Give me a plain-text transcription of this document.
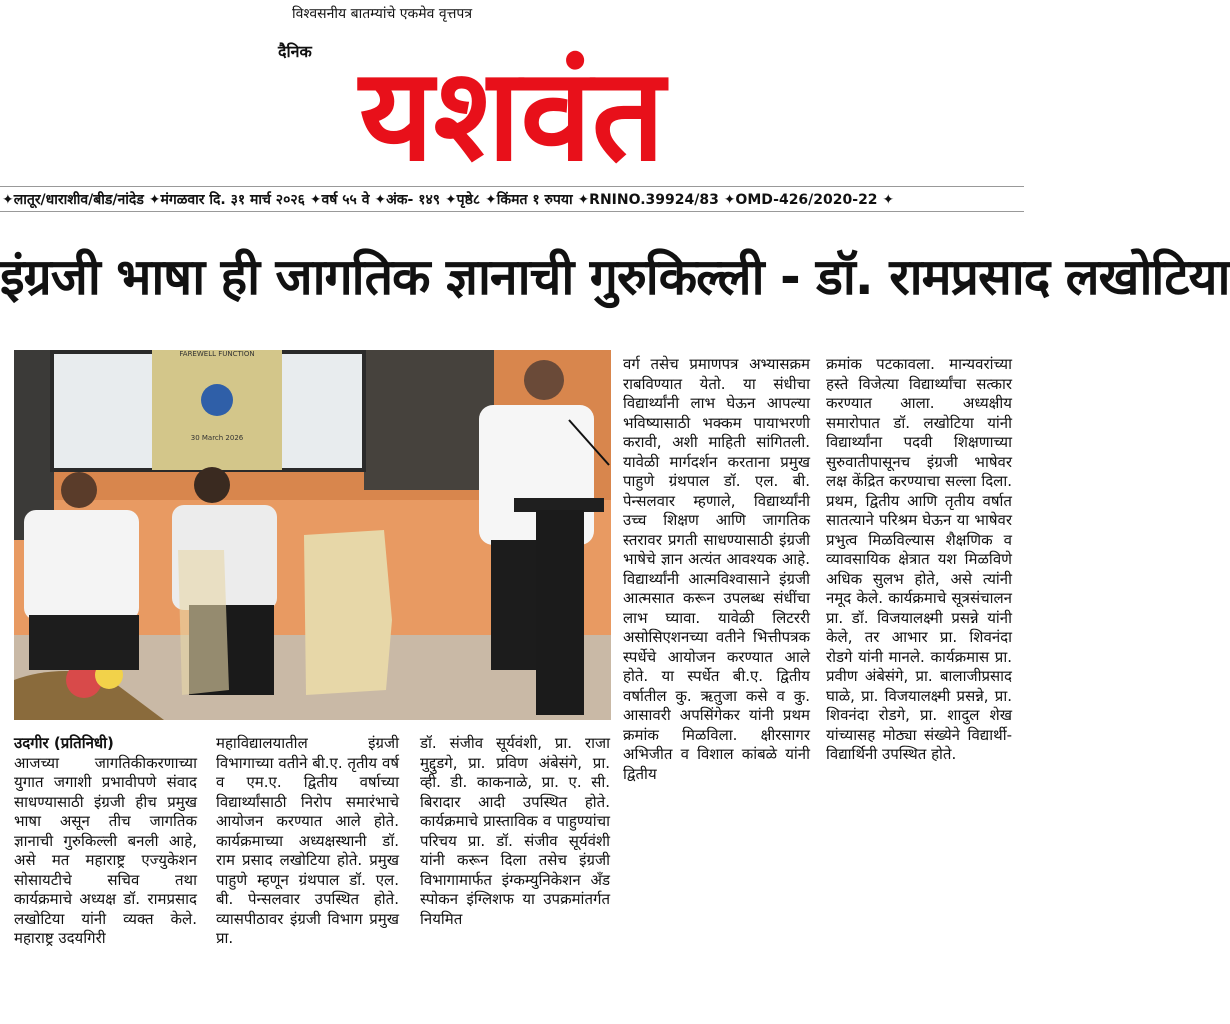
विश्वसनीय बातम्यांचे एकमेव वृत्तपत्र
दैनिक यशवंत
✦लातूर/धाराशीव/बीड/नांदेड ✦मंगळवार दि. ३१ मार्च २०२६ ✦वर्ष ५५ वे ✦अंक- १४९ ✦पृष्ठे८ ✦किंमत १ रुपया ✦RNINO.39924/83 ✦OMD-426/2020-22 ✦
इंग्रजी भाषा ही जागतिक ज्ञानाची गुरुकिल्ली - डॉ. रामप्रसाद लखोटिया
FAREWELL FUNCTION
30 March 2026

उदगीर (प्रतिनिधी)

आजच्या जागतिकीकरणाच्या युगात जगाशी प्रभावीपणे संवाद साधण्यासाठी इंग्रजी हीच प्रमुख भाषा असून तीच जागतिक ज्ञानाची गुरुकिल्ली बनली आहे, असे मत महाराष्ट्र एज्युकेशन सोसायटीचे सचिव तथा कार्यक्रमाचे अध्यक्ष डॉ. रामप्रसाद लखोटिया यांनी व्यक्त केले. महाराष्ट्र उदयगिरी

महाविद्यालयातील इंग्रजी विभागाच्या वतीने बी.ए. तृतीय वर्ष व एम.ए. द्वितीय वर्षाच्या विद्यार्थ्यांसाठी निरोप समारंभाचे आयोजन करण्यात आले होते. कार्यक्रमाच्या अध्यक्षस्थानी डॉ. राम प्रसाद लखोटिया होते. प्रमुख पाहुणे म्हणून ग्रंथपाल डॉ. एल. बी. पेन्सलवार उपस्थित होते. व्यासपीठावर इंग्रजी विभाग प्रमुख प्रा.

डॉ. संजीव सूर्यवंशी, प्रा. राजा मुद्दुडगे, प्रा. प्रविण अंबेसंगे, प्रा. व्ही. डी. काकनाळे, प्रा. ए. सी. बिरादार आदी उपस्थित होते. कार्यक्रमाचे प्रास्ताविक व पाहुण्यांचा परिचय प्रा. डॉ. संजीव सूर्यवंशी यांनी करून दिला तसेच इंग्रजी विभागामार्फत इंग्कम्युनिकेशन अँड स्पोकन इंग्लिशफ या उपक्रमांतर्गत नियमित

वर्ग तसेच प्रमाणपत्र अभ्यासक्रम राबविण्यात येतो. या संधीचा विद्यार्थ्यांनी लाभ घेऊन आपल्या भविष्यासाठी भक्कम पायाभरणी करावी, अशी माहिती सांगितली. यावेळी मार्गदर्शन करताना प्रमुख पाहुणे ग्रंथपाल डॉ. एल. बी. पेन्सलवार म्हणाले, विद्यार्थ्यांनी उच्च शिक्षण आणि जागतिक स्तरावर प्रगती साधण्यासाठी इंग्रजी भाषेचे ज्ञान अत्यंत आवश्यक आहे. विद्यार्थ्यांनी आत्मविश्वासाने इंग्रजी आत्मसात करून उपलब्ध संधींचा लाभ घ्यावा. यावेळी लिटररी असोसिएशनच्या वतीने भित्तीपत्रक स्पर्धेचे आयोजन करण्यात आले होते. या स्पर्धेत बी.ए. द्वितीय वर्षातील कु. ऋतुजा कसे व कु. आसावरी अपसिंगेकर यांनी प्रथम क्रमांक मिळविला. क्षीरसागर अभिजीत व विशाल कांबळे यांनी द्वितीय

क्रमांक पटकावला. मान्यवरांच्या हस्ते विजेत्या विद्यार्थ्यांचा सत्कार करण्यात आला. अध्यक्षीय समारोपात डॉ. लखोटिया यांनी विद्यार्थ्यांना पदवी शिक्षणाच्या सुरुवातीपासूनच इंग्रजी भाषेवर लक्ष केंद्रित करण्याचा सल्ला दिला. प्रथम, द्वितीय आणि तृतीय वर्षात सातत्याने परिश्रम घेऊन या भाषेवर प्रभुत्व मिळविल्यास शैक्षणिक व व्यावसायिक क्षेत्रात यश मिळविणे अधिक सुलभ होते, असे त्यांनी नमूद केले. कार्यक्रमाचे सूत्रसंचालन प्रा. डॉ. विजयालक्ष्मी प्रसन्ने यांनी केले, तर आभार प्रा. शिवनंदा रोडगे यांनी मानले. कार्यक्रमास प्रा. प्रवीण अंबेसंगे, प्रा. बालाजीप्रसाद घाळे, प्रा. विजयालक्ष्मी प्रसन्ने, प्रा. शिवनंदा रोडगे, प्रा. शादुल शेख यांच्यासह मोठ्या संख्येने विद्यार्थी-विद्यार्थिनी उपस्थित होते.
